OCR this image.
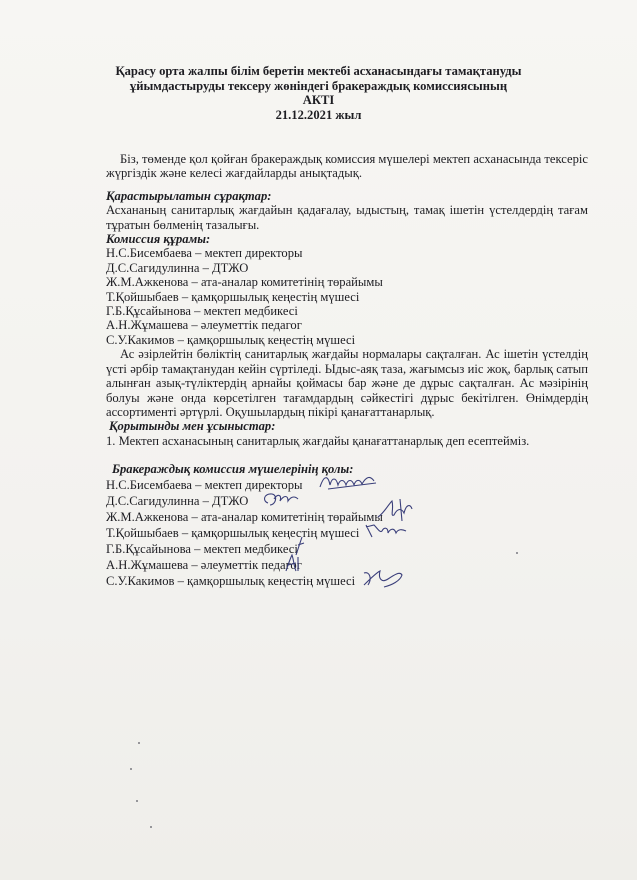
Қарасу орта жалпы білім беретін мектебі асханасындағы тамақтануды
ұйымдастыруды тексеру жөніндегі бракераждық комиссиясының
АКТІ
21.12.2021 жыл
Біз, төменде қол қойған бракераждық комиссия мүшелері мектеп асханасында тексеріс жүргіздік және келесі жағдайларды анықтадық.
Қарастырылатын сұрақтар:
Асхананың санитарлық жағдайын қадағалау, ыдыстың, тамақ ішетін үстелдердің тағам тұратын бөлменің тазалығы.
Комиссия құрамы:
Н.С.Бисембаева – мектеп директоры
Д.С.Сагидулинна – ДТЖО
Ж.М.Ажкенова – ата-аналар комитетінің төрайымы
Т.Қойшыбаев – қамқоршылық кеңестің мүшесі
Г.Б.Құсайынова – мектеп медбикесі
А.Н.Жұмашева – әлеуметтік педагог
С.У.Какимов – қамқоршылық кеңестің мүшесі
Ас әзірлейтін бөліктің санитарлық жағдайы нормалары сақталған. Ас ішетін үстелдің үсті әрбір тамақтанудан кейін сүртіледі. Ыдыс-аяқ таза, жағымсыз иіс жоқ, барлық сатып алынған азық-түліктердің арнайы қоймасы бар және де дұрыс сақталған. Ас мәзірінің болуы және онда көрсетілген тағамдардың сәйкестігі дұрыс бекітілген. Өнімдердің ассортименті әртүрлі. Оқушылардың пікірі қанағаттанарлық.
Қорытынды мен ұсыныстар:
1. Мектеп асханасының санитарлық жағдайы қанағаттанарлық деп есептейміз.
Бракераждық комиссия мүшелерінің қолы:
Н.С.Бисембаева – мектеп директоры
Д.С.Сагидулинна – ДТЖО
Ж.М.Ажкенова – ата-аналар комитетінің төрайымы
Т.Қойшыбаев – қамқоршылық кеңестің мүшесі
Г.Б.Құсайынова – мектеп медбикесі
А.Н.Жұмашева – әлеуметтік педагог
С.У.Какимов – қамқоршылық кеңестің мүшесі
